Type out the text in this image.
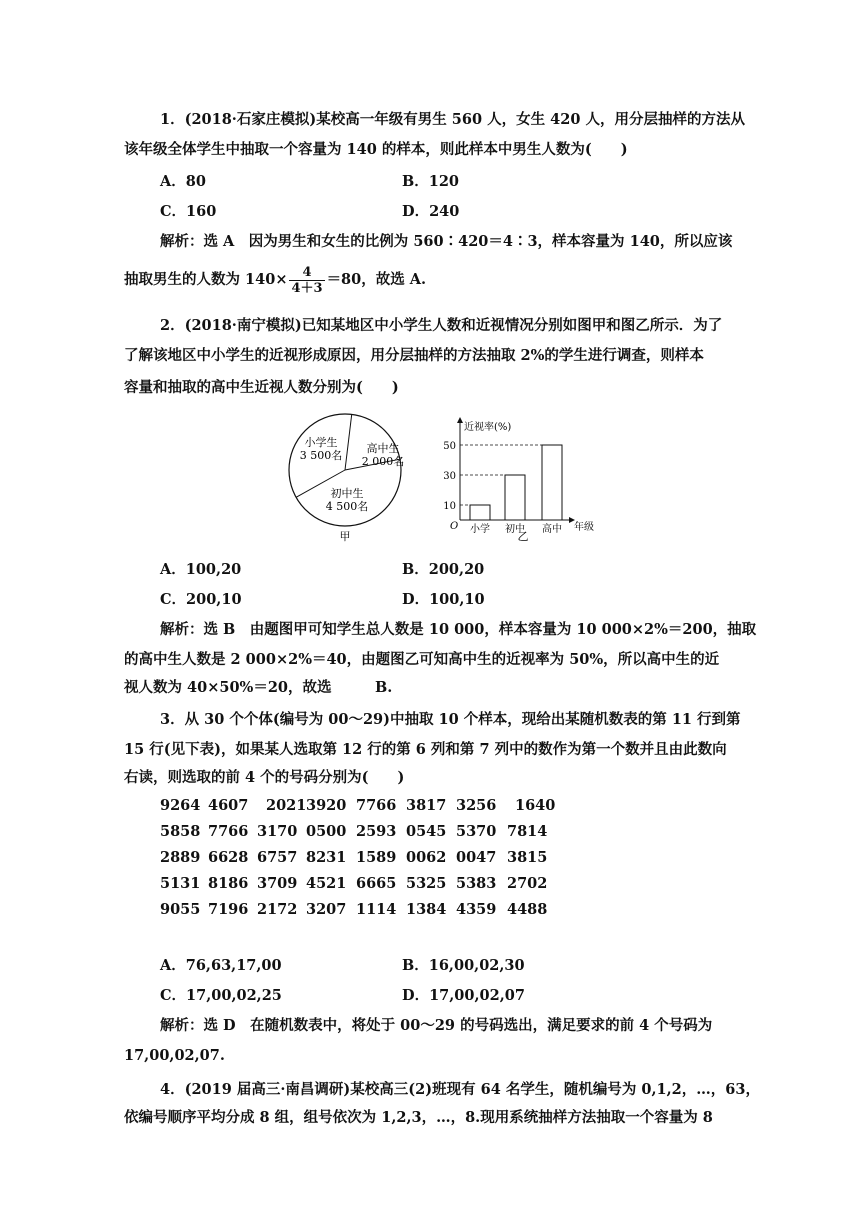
1．(2018·石家庄模拟)某校高一年级有男生 560 人，女生 420 人，用分层抽样的方法从
该年级全体学生中抽取一个容量为 140 的样本，则此样本中男生人数为(　　)
A．80	B．120
C．160	D．240
解析：选 A　因为男生和女生的比例为 560∶420＝4∶3，样本容量为 140，所以应该
抽取男生的人数为 $140\times \frac{4}{4+3} =80$，故选 A.
2．(2018·南宁模拟)已知某地区中小学生人数和近视情况分别如图甲和图乙所示．为了
了解该地区中小学生的近视形成原因，用分层抽样的方法抽取 2%的学生进行调查，则样本
容量和抽取的高中生近视人数分别为(　　)
小学生
3 500名
高中生
2 000名
初中生
4 500名
甲
近视率(%)
年级
O
10
小学
30
初中
50
高中
乙
A．100,20	B．200,20
C．200,10	D．100,10
解析：选 B　由题图甲可知学生总人数是 10 000，样本容量为 10 000×2%＝200，抽取
的高中生人数是 2 000×2%＝40，由题图乙可知高中生的近视率为 50%，所以高中生的近
视人数为 40×50%＝20，故选　　　B.
3．从 30 个个体(编号为 00～29)中抽取 10 个样本，现给出某随机数表的第 11 行到第
15 行(见下表)，如果某人选取第 12 行的第 6 列和第 7 列中的数作为第一个数并且由此数向
右读，则选取的前 4 个的号码分别为(　　)
9264 4607 2021 3920 7766 3817 3256 1640
5858 7766 3170 0500 2593 0545 5370 7814
2889 6628 6757 8231 1589 0062 0047 3815
5131 8186 3709 4521 6665 5325 5383 2702
9055 7196 2172 3207 1114 1384 4359 4488
A．76,63,17,00	B．16,00,02,30
C．17,00,02,25	D．17,00,02,07
解析：选 D　在随机数表中，将处于 00～29 的号码选出，满足要求的前 4 个号码为
17,00,02,07.
4．(2019 届高三·南昌调研)某校高三(2)班现有 64 名学生，随机编号为 0,1,2，…，63，
依编号顺序平均分成 8 组，组号依次为 1,2,3，…，8.现用系统抽样方法抽取一个容量为 8
